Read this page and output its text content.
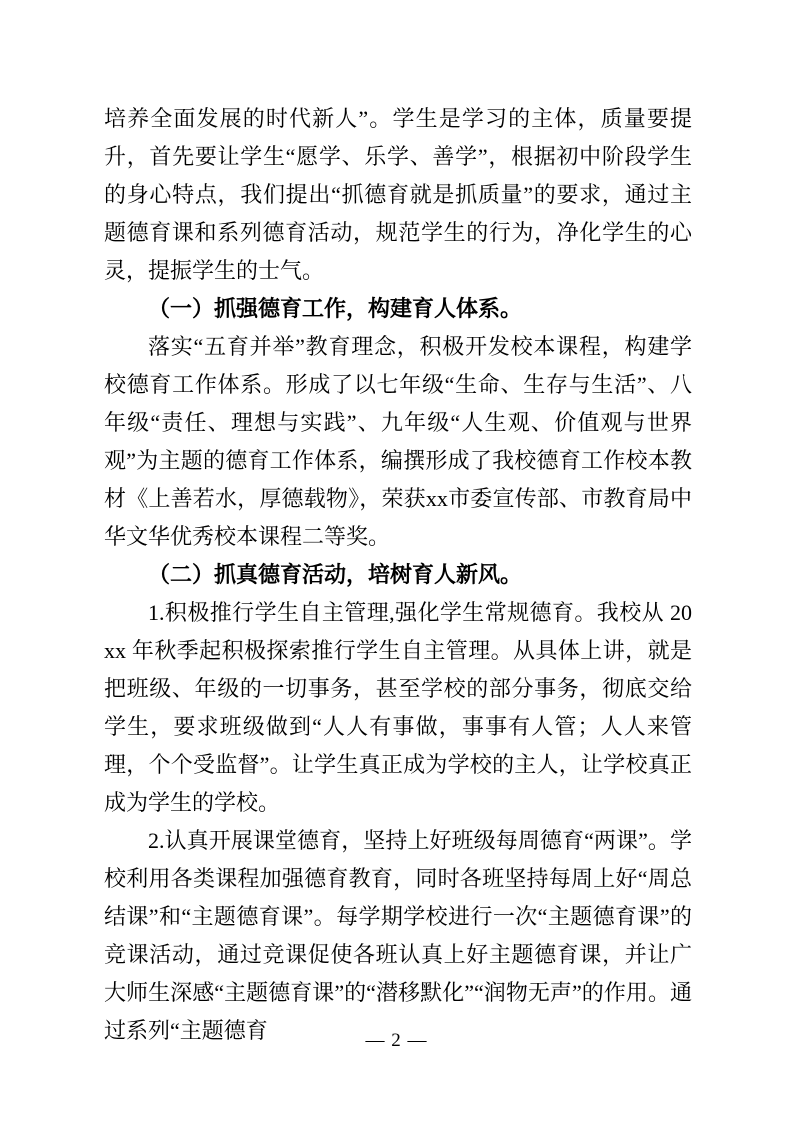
培养全面发展的时代新人”。学生是学习的主体，质量要提升，首先要让学生“愿学、乐学、善学”，根据初中阶段学生的身心特点，我们提出“抓德育就是抓质量”的要求，通过主题德育课和系列德育活动，规范学生的行为，净化学生的心灵，提振学生的士气。

（一）抓强德育工作，构建育人体系。

落实“五育并举”教育理念，积极开发校本课程，构建学校德育工作体系。形成了以七年级“生命、生存与生活”、八年级“责任、理想与实践”、九年级“人生观、价值观与世界观”为主题的德育工作体系，编撰形成了我校德育工作校本教材《上善若水，厚德载物》，荣获xx市委宣传部、市教育局中华文华优秀校本课程二等奖。

（二）抓真德育活动，培树育人新风。

1.积极推行学生自主管理,强化学生常规德育。我校从 20xx 年秋季起积极探索推行学生自主管理。从具体上讲，就是把班级、年级的一切事务，甚至学校的部分事务，彻底交给学生，要求班级做到“人人有事做，事事有人管；人人来管理，个个受监督”。让学生真正成为学校的主人，让学校真正成为学生的学校。

2.认真开展课堂德育，坚持上好班级每周德育“两课”。学校利用各类课程加强德育教育，同时各班坚持每周上好“周总结课”和“主题德育课”。每学期学校进行一次“主题德育课”的竞课活动，通过竞课促使各班认真上好主题德育课，并让广大师生深感“主题德育课”的“潜移默化”“润物无声”的作用。通过系列“主题德育	— 2 —
